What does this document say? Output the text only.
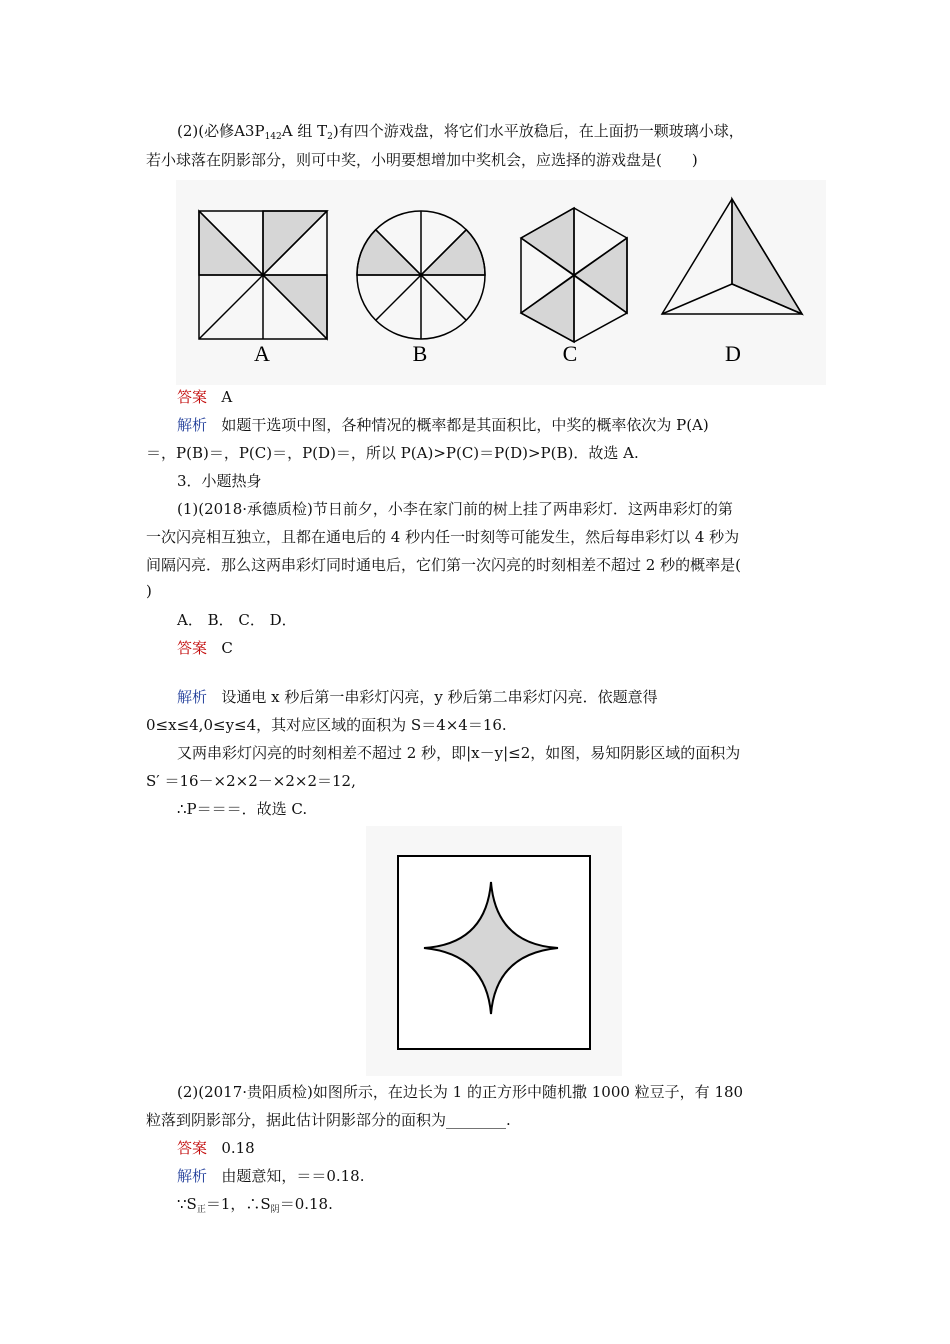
(2)(必修$A3P_{142}A$ 组 $T_2$)有四个游戏盘，将它们水平放稳后，在上面扔一颗玻璃小球，
若小球落在阴影部分，则可中奖，小明要想增加中奖机会，应选择的游戏盘是(　　)
A	B	C	D
答案 A
解析 如题干选项中图，各种情况的概率都是其面积比，中奖的概率依次为 P(A)
＝，P(B)＝，P(C)＝，P(D)＝，所以 P(A)>P(C)＝P(D)>P(B)．故选 A.
3．小题热身
(1)(2018·承德质检)节日前夕，小李在家门前的树上挂了两串彩灯．这两串彩灯的第
一次闪亮相互独立，且都在通电后的 4 秒内任一时刻等可能发生，然后每串彩灯以 4 秒为
间隔闪亮．那么这两串彩灯同时通电后，它们第一次闪亮的时刻相差不超过 2 秒的概率是(
)
A． B． C． D．
答案 C
解析 设通电 x 秒后第一串彩灯闪亮，y 秒后第二串彩灯闪亮．依题意得
0≤x≤4,0≤y≤4，其对应区域的面积为 S＝4×4＝16.
又两串彩灯闪亮的时刻相差不超过 2 秒，即|x－y|≤2，如图，易知阴影区域的面积为
S′ ＝16－×2×2－×2×2＝12,
∴P＝＝＝．故选 C.
(2)(2017·贵阳质检)如图所示，在边长为 1 的正方形中随机撒 1000 粒豆子，有 180
粒落到阴影部分，据此估计阴影部分的面积为________.
答案 0.18
解析 由题意知，＝＝0.18.
$\because S_正=1$，$\therefore S_阴=0.18$.
